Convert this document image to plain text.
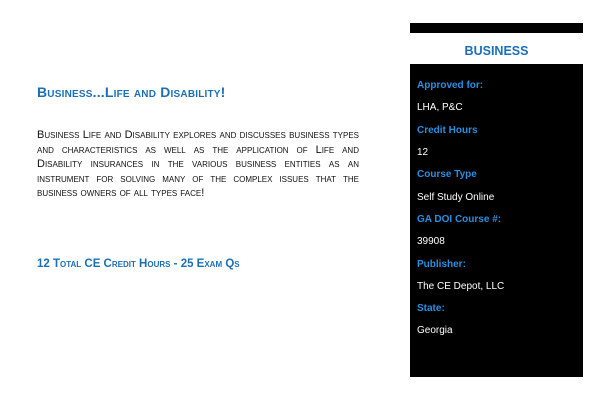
Business...Life and Disability!

Business Life and Disability explores and discusses business types and characteristics as well as the application of Life and Disability insurances in the various business entities as an instrument for solving many of the complex issues that the business owners of all types face!

12 Total CE Credit Hours - 25 Exam Qs

BUSINESS
Approved for:
LHA, P&C
Credit Hours
12
Course Type
Self Study Online
GA DOI Course #:
39908
Publisher:
The CE Depot, LLC
State:
Georgia
